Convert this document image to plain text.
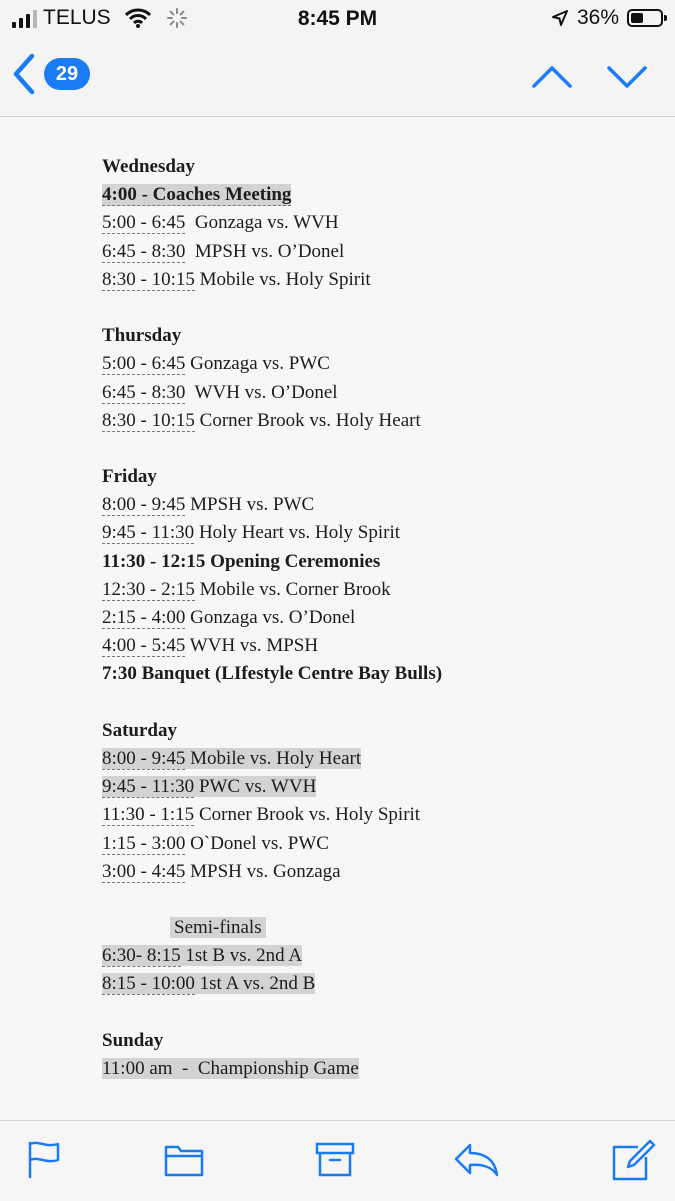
TELUS	8:45 PM	36%
29
Wednesday
4:00 - Coaches Meeting
5:00 - 6:45  Gonzaga vs. WVH
6:45 - 8:30  MPSH vs. O’Donel
8:30 - 10:15 Mobile vs. Holy Spirit
Thursday
5:00 - 6:45 Gonzaga vs. PWC
6:45 - 8:30  WVH vs. O’Donel
8:30 - 10:15 Corner Brook vs. Holy Heart
Friday
8:00 - 9:45 MPSH vs. PWC
9:45 - 11:30 Holy Heart vs. Holy Spirit
11:30 - 12:15 Opening Ceremonies
12:30 - 2:15 Mobile vs. Corner Brook
2:15 - 4:00 Gonzaga vs. O’Donel
4:00 - 5:45 WVH vs. MPSH
7:30 Banquet (LIfestyle Centre Bay Bulls)
Saturday
8:00 - 9:45 Mobile vs. Holy Heart
9:45 - 11:30 PWC vs. WVH
11:30 - 1:15 Corner Brook vs. Holy Spirit
1:15 - 3:00 O`Donel vs. PWC
3:00 - 4:45 MPSH vs. Gonzaga
Semi-finals
6:30- 8:15 1st B vs. 2nd A
8:15 - 10:00 1st A vs. 2nd B
Sunday
11:00 am  -  Championship Game
